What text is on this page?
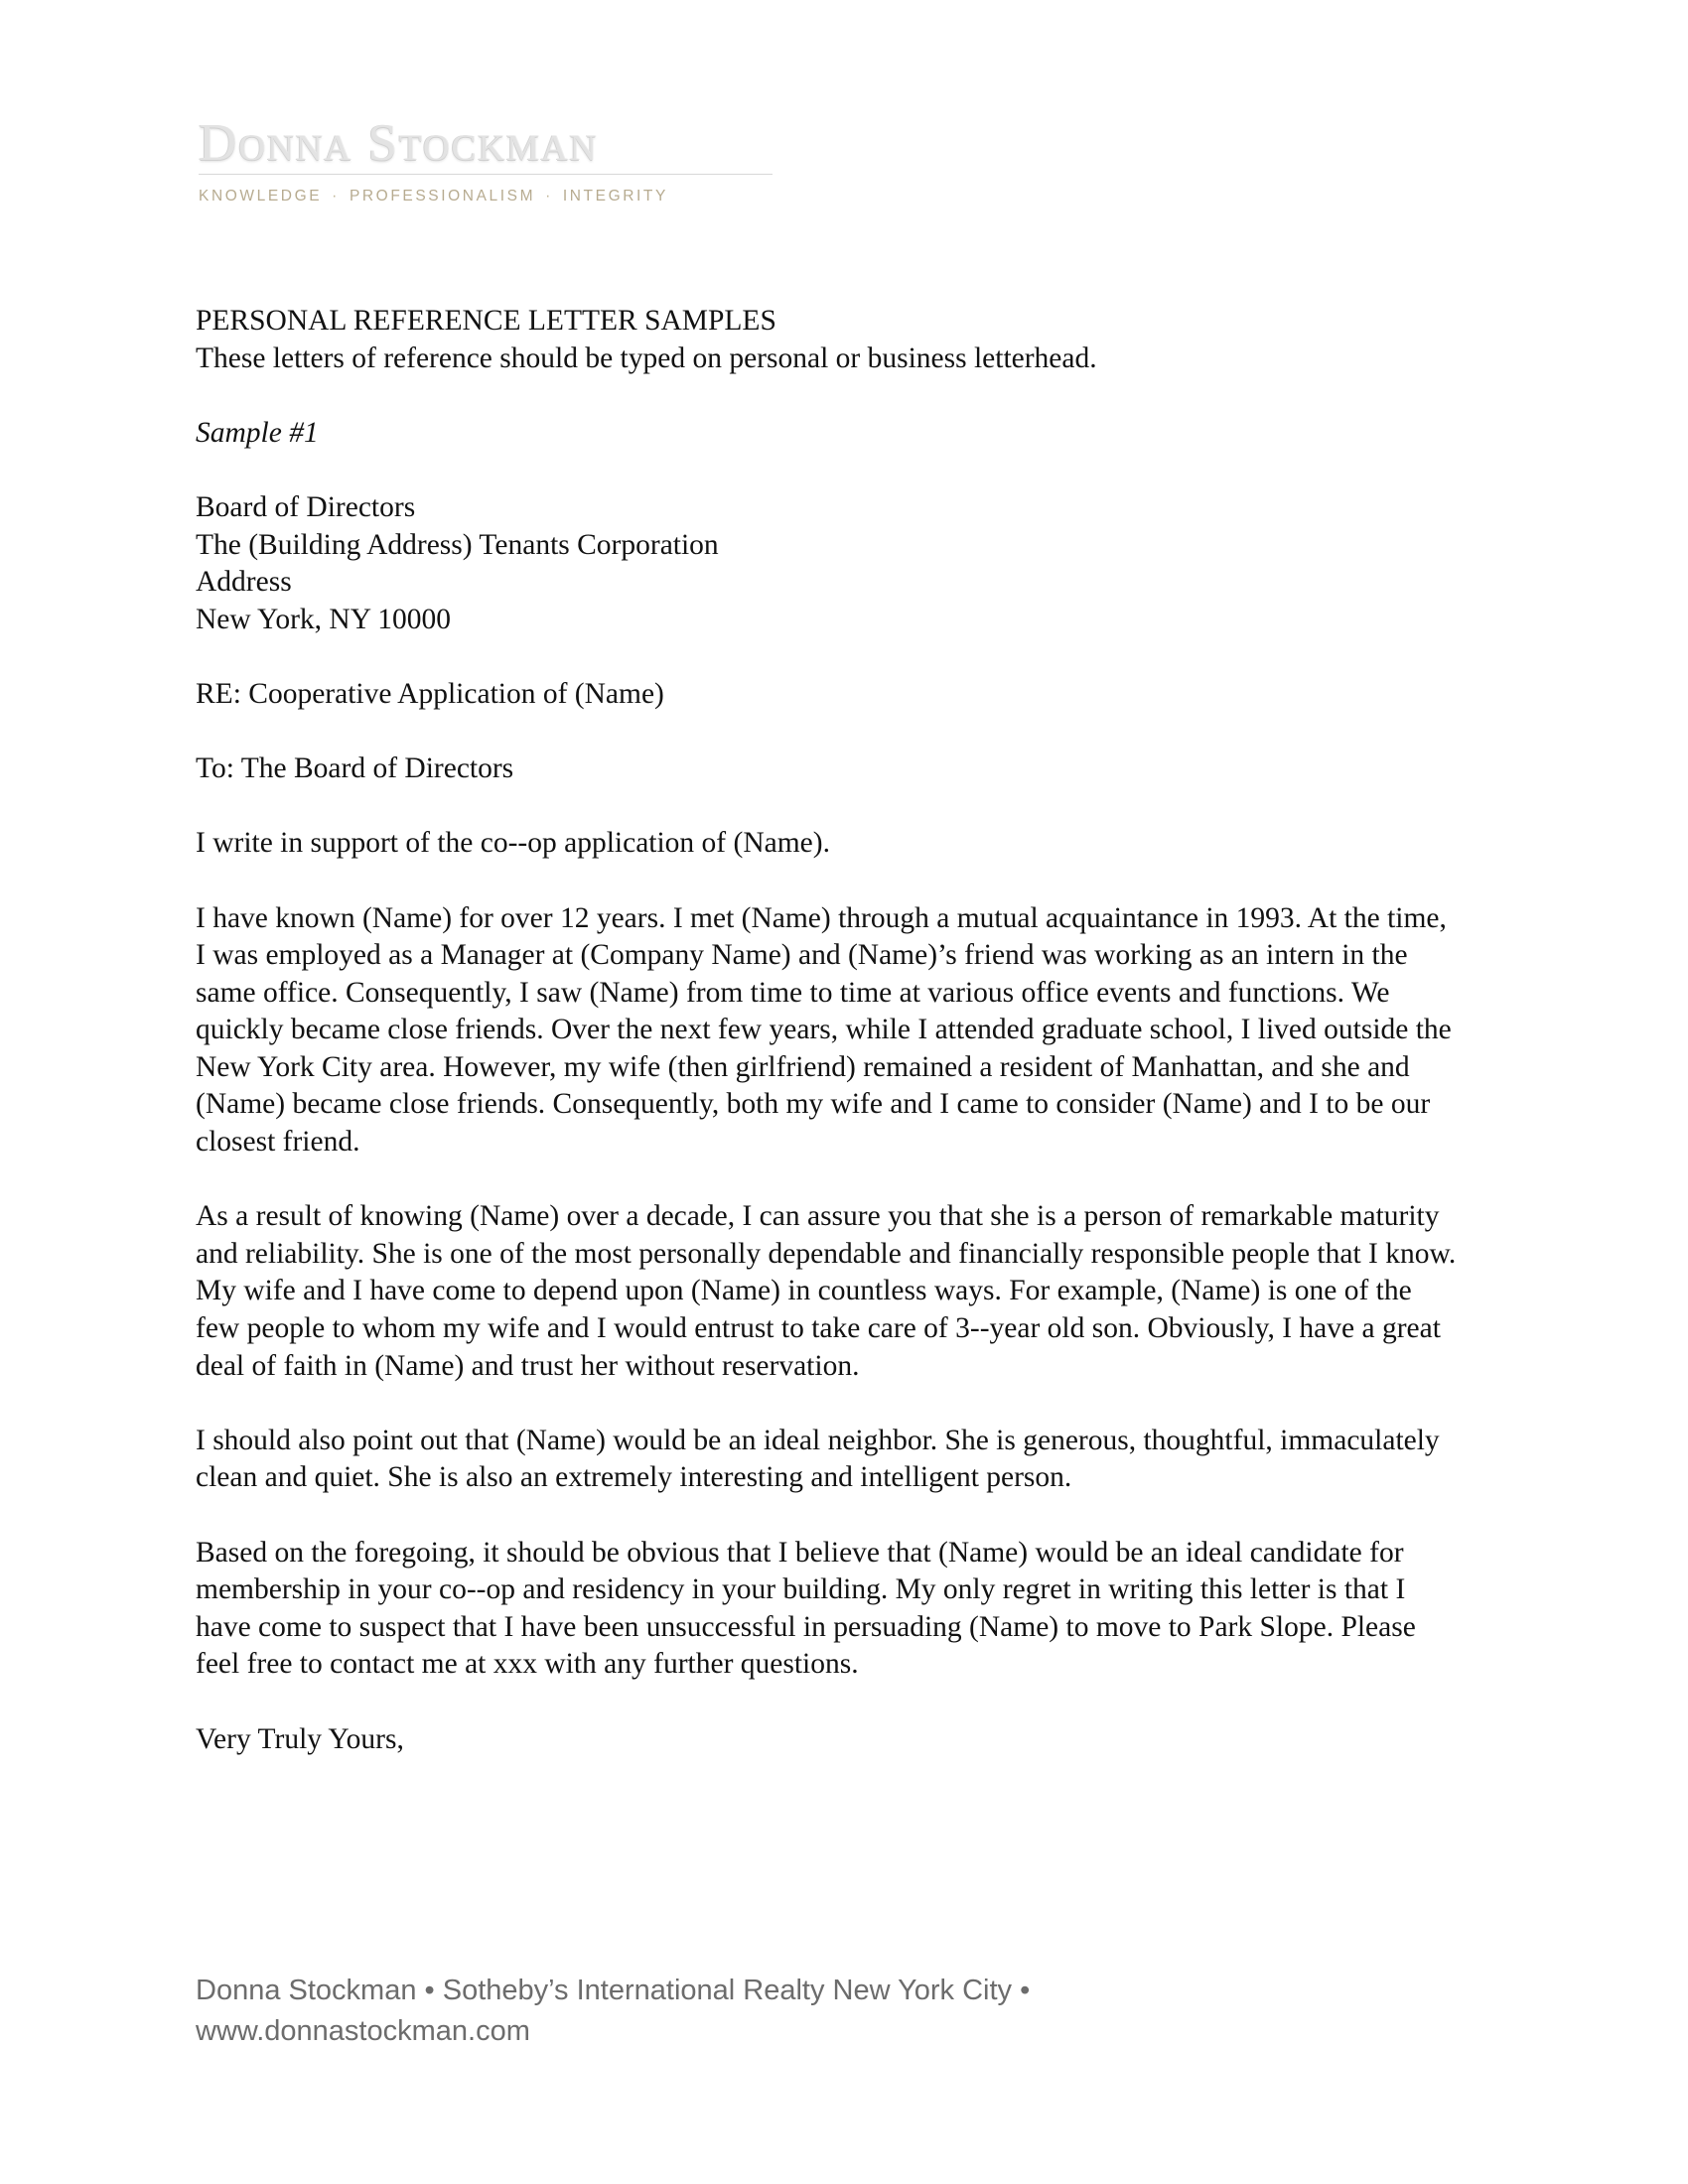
Donna Stockman
KNOWLEDGE · PROFESSIONALISM · INTEGRITY

PERSONAL REFERENCE LETTER SAMPLES

These letters of reference should be typed on personal or business letterhead.

Sample #1

Board of Directors
The (Building Address) Tenants Corporation
Address
New York, NY 10000

RE: Cooperative Application of (Name)

To: The Board of Directors

I write in support of the co--op application of (Name).

I have known (Name) for over 12 years. I met (Name) through a mutual acquaintance in 1993. At the time, I was employed as a Manager at (Company Name) and (Name)’s friend was working as an intern in the same office. Consequently, I saw (Name) from time to time at various office events and functions. We quickly became close friends. Over the next few years, while I attended graduate school, I lived outside the New York City area. However, my wife (then girlfriend) remained a resident of Manhattan, and she and (Name) became close friends. Consequently, both my wife and I came to consider (Name) and I to be our closest friend.

As a result of knowing (Name) over a decade, I can assure you that she is a person of remarkable maturity and reliability. She is one of the most personally dependable and financially responsible people that I know. My wife and I have come to depend upon (Name) in countless ways. For example, (Name) is one of the few people to whom my wife and I would entrust to take care of 3--year old son. Obviously, I have a great deal of faith in (Name) and trust her without reservation.

I should also point out that (Name) would be an ideal neighbor. She is generous, thoughtful, immaculately clean and quiet. She is also an extremely interesting and intelligent person.

Based on the foregoing, it should be obvious that I believe that (Name) would be an ideal candidate for membership in your co--op and residency in your building. My only regret in writing this letter is that I have come to suspect that I have been unsuccessful in persuading (Name) to move to Park Slope. Please feel free to contact me at xxx with any further questions.

Very Truly Yours,

Donna Stockman • Sotheby’s International Realty New York City •
www.donnastockman.com
